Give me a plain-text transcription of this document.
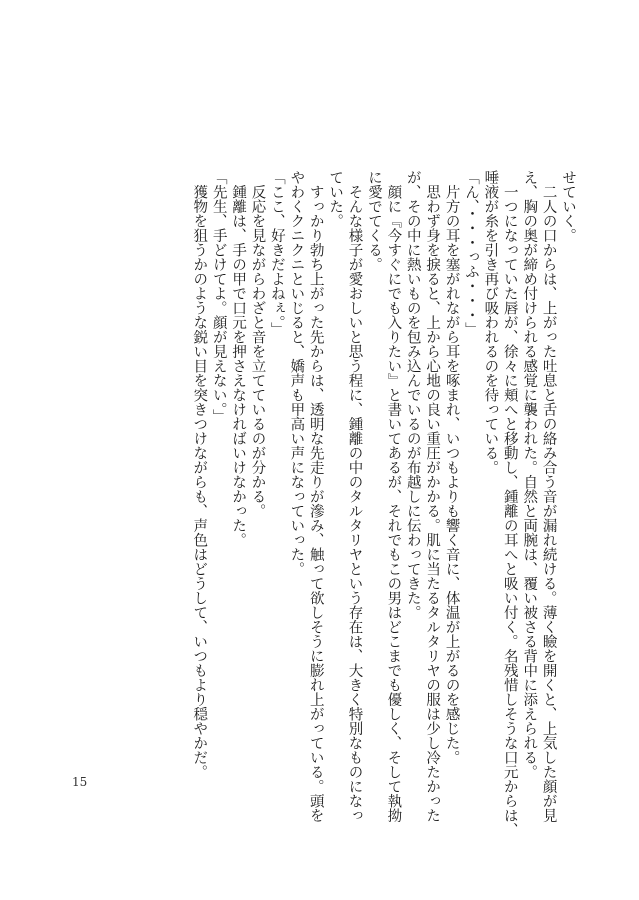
せていく。
　二人の口からは、上がった吐息と舌の絡み合う音が漏れ続ける。薄く瞼を開くと、上気した顔が見
え、胸の奥が締め付けられる感覚に襲われた。自然と両腕は、覆い被さる背中に添えられる。
　一つになっていた唇が、徐々に頬へと移動し、鍾離の耳へと吸い付く。名残惜しそうな口元からは、
唾液が糸を引き再び吸われるのを待っている。
「ん、・・・っふ・・・」
　片方の耳を塞がれながら耳を啄まれ、いつもよりも響く音に、体温が上がるのを感じた。
　思わず身を捩ると、上から心地の良い重圧がかかる。肌に当たるタルタリヤの服は少し冷たかった
が、その中に熱いものを包み込んでいるのが布越しに伝わってきた。
　顔に『今すぐにでも入りたい』と書いてあるが、それでもこの男はどこまでも優しく、そして執拗
に愛でてくる。
　そんな様子が愛おしいと思う程に、鍾離の中のタルタリヤという存在は、大きく特別なものになっ
ていた。
　すっかり勃ち上がった先からは、透明な先走りが滲み、触って欲しそうに膨れ上がっている。頭を
やわくクニクニといじると、嬌声も甲高い声になっていった。
「ここ、好きだよねぇ。」
　反応を見ながらわざと音を立てているのが分かる。
　鍾離は、手の甲で口元を押さえなければいけなかった。
「先生、手どけてよ。顔が見えない。」
　獲物を狙うかのような鋭い目を突きつけながらも、声色はどうして、いつもより穏やかだ。
15
